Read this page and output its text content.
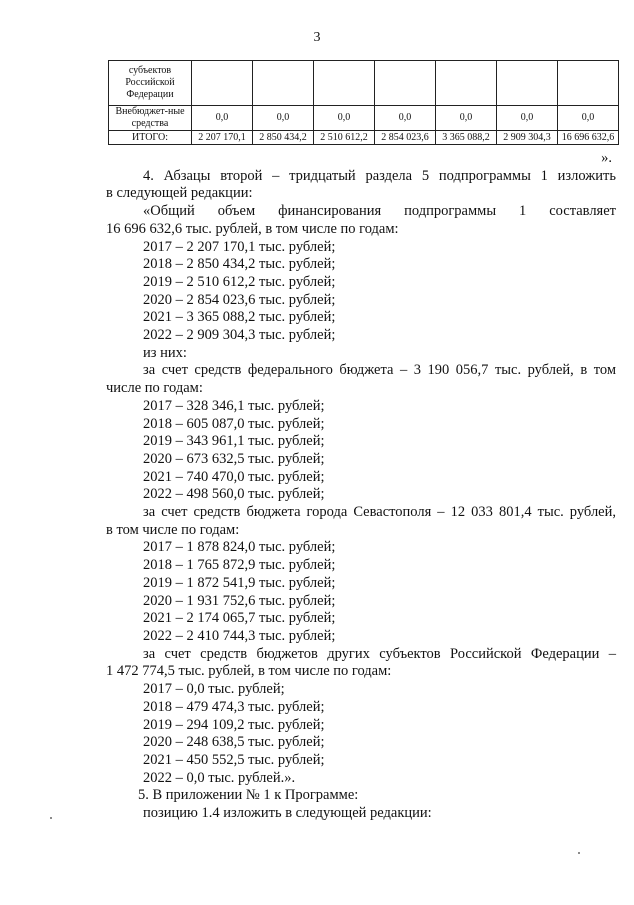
3
субъектов Российской Федерации							
Внебюджет-ные средства	0,0	0,0	0,0	0,0	0,0	0,0	0,0
ИТОГО:	2 207 170,1	2 850 434,2	2 510 612,2	2 854 023,6	3 365 088,2	2 909 304,3	16 696 632,6

».

4. Абзацы второй – тридцатый раздела 5 подпрограммы 1 изложить

в следующей редакции:

«Общий объем финансирования подпрограммы 1 составляет

16 696 632,6 тыс. рублей, в том числе по годам:

2017 – 2 207 170,1 тыс. рублей;

2018 – 2 850 434,2 тыс. рублей;

2019 – 2 510 612,2 тыс. рублей;

2020 – 2 854 023,6 тыс. рублей;

2021 – 3 365 088,2 тыс. рублей;

2022 – 2 909 304,3 тыс. рублей;

из них:

за счет средств федерального бюджета – 3 190 056,7 тыс. рублей, в том

числе по годам:

2017 – 328 346,1 тыс. рублей;

2018 – 605 087,0 тыс. рублей;

2019 – 343 961,1 тыс. рублей;

2020 – 673 632,5 тыс. рублей;

2021 – 740 470,0 тыс. рублей;

2022 – 498 560,0 тыс. рублей;

за счет средств бюджета города Севастополя – 12 033 801,4 тыс. рублей,

в том числе по годам:

2017 – 1 878 824,0 тыс. рублей;

2018 – 1 765 872,9 тыс. рублей;

2019 – 1 872 541,9 тыс. рублей;

2020 – 1 931 752,6 тыс. рублей;

2021 – 2 174 065,7 тыс. рублей;

2022 – 2 410 744,3 тыс. рублей;

за счет средств бюджетов других субъектов Российской Федерации –

1 472 774,5 тыс. рублей, в том числе по годам:

2017 – 0,0 тыс. рублей;

2018 – 479 474,3 тыс. рублей;

2019 – 294 109,2 тыс. рублей;

2020 – 248 638,5 тыс. рублей;

2021 – 450 552,5 тыс. рублей;

2022 – 0,0 тыс. рублей.».

5. В приложении № 1 к Программе:

позицию 1.4 изложить в следующей редакции:
